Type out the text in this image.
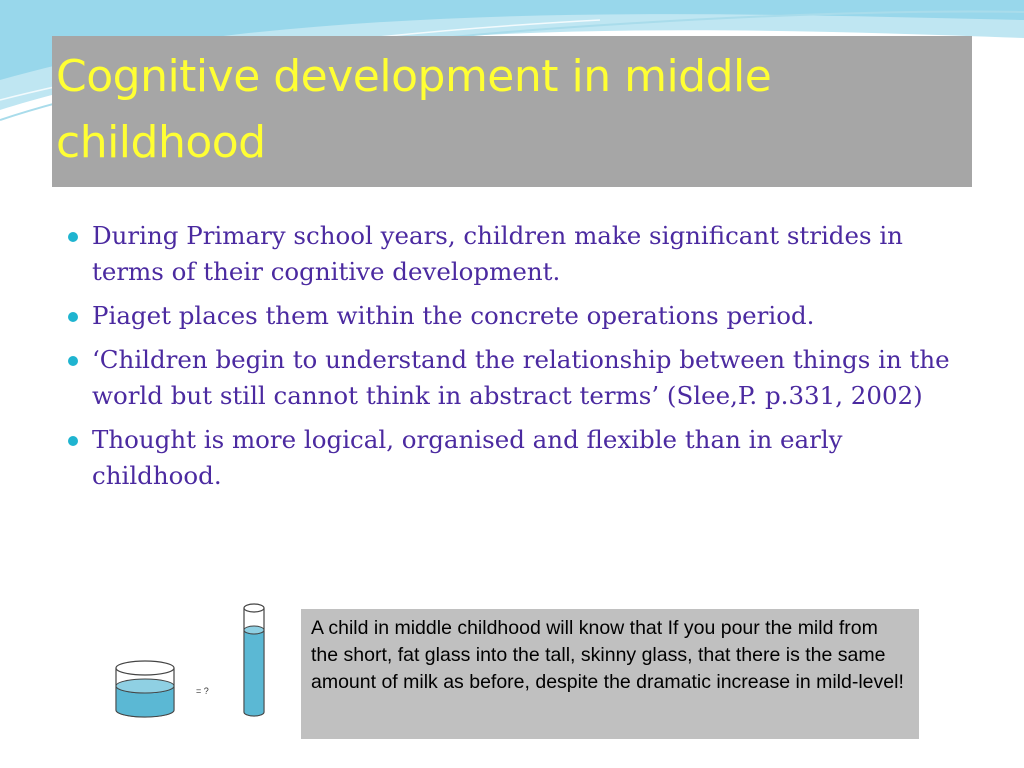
Cognitive development in middle childhood
During Primary school years, children make significant strides in terms of their cognitive development.
Piaget places them within the concrete operations period.
‘Children begin to understand the relationship between things in the world but still cannot think in abstract terms’ (Slee,P. p.331, 2002)
Thought is more logical, organised and flexible than in early childhood.
= ?

A child in middle childhood will know that If you pour the mild from the short, fat glass into the tall, skinny glass, that there is the same amount of milk as before, despite the dramatic increase in mild-level!
